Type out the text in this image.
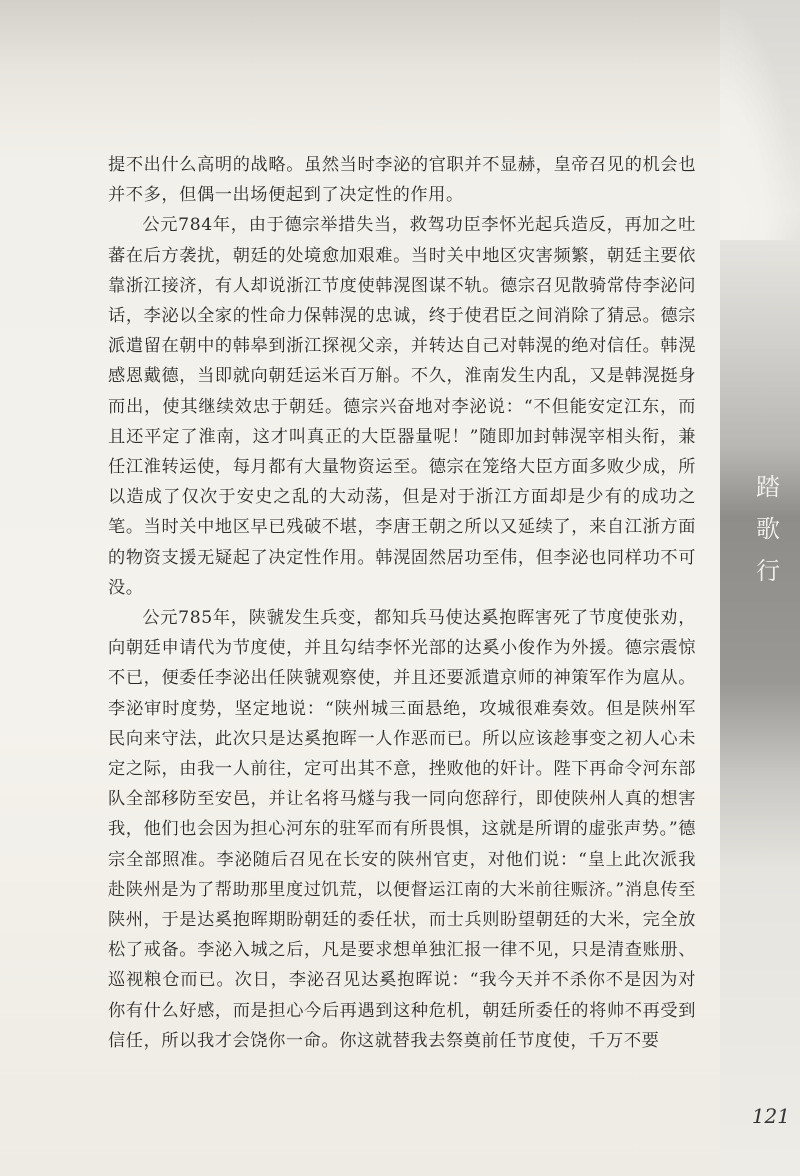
踏
歌
行

提不出什么高明的战略。虽然当时李泌的官职并不显赫，皇帝召见的机会也并不多，但偶一出场便起到了决定性的作用。

公元784年，由于德宗举措失当，救驾功臣李怀光起兵造反，再加之吐蕃在后方袭扰，朝廷的处境愈加艰难。当时关中地区灾害频繁，朝廷主要依靠浙江接济，有人却说浙江节度使韩滉图谋不轨。德宗召见散骑常侍李泌问话，李泌以全家的性命力保韩滉的忠诚，终于使君臣之间消除了猜忌。德宗派遣留在朝中的韩皋到浙江探视父亲，并转达自己对韩滉的绝对信任。韩滉感恩戴德，当即就向朝廷运米百万斛。不久，淮南发生内乱，又是韩滉挺身而出，使其继续效忠于朝廷。德宗兴奋地对李泌说：“不但能安定江东，而且还平定了淮南，这才叫真正的大臣器量呢！”随即加封韩滉宰相头衔，兼任江淮转运使，每月都有大量物资运至。德宗在笼络大臣方面多败少成，所以造成了仅次于安史之乱的大动荡，但是对于浙江方面却是少有的成功之笔。当时关中地区早已残破不堪，李唐王朝之所以又延续了，来自江浙方面的物资支援无疑起了决定性作用。韩滉固然居功至伟，但李泌也同样功不可没。

公元785年，陕虢发生兵变，都知兵马使达奚抱晖害死了节度使张劝，向朝廷申请代为节度使，并且勾结李怀光部的达奚小俊作为外援。德宗震惊不已，便委任李泌出任陕虢观察使，并且还要派遣京师的神策军作为扈从。李泌审时度势，坚定地说：“陕州城三面悬绝，攻城很难奏效。但是陕州军民向来守法，此次只是达奚抱晖一人作恶而已。所以应该趁事变之初人心未定之际，由我一人前往，定可出其不意，挫败他的奸计。陛下再命令河东部队全部移防至安邑，并让名将马燧与我一同向您辞行，即使陕州人真的想害我，他们也会因为担心河东的驻军而有所畏惧，这就是所谓的虚张声势。”德宗全部照准。李泌随后召见在长安的陕州官吏，对他们说：“皇上此次派我赴陕州是为了帮助那里度过饥荒，以便督运江南的大米前往赈济。”消息传至陕州，于是达奚抱晖期盼朝廷的委任状，而士兵则盼望朝廷的大米，完全放松了戒备。李泌入城之后，凡是要求想单独汇报一律不见，只是清查账册、巡视粮仓而已。次日，李泌召见达奚抱晖说：“我今天并不杀你不是因为对你有什么好感，而是担心今后再遇到这种危机，朝廷所委任的将帅不再受到信任，所以我才会饶你一命。你这就替我去祭奠前任节度使，千万不要

121
